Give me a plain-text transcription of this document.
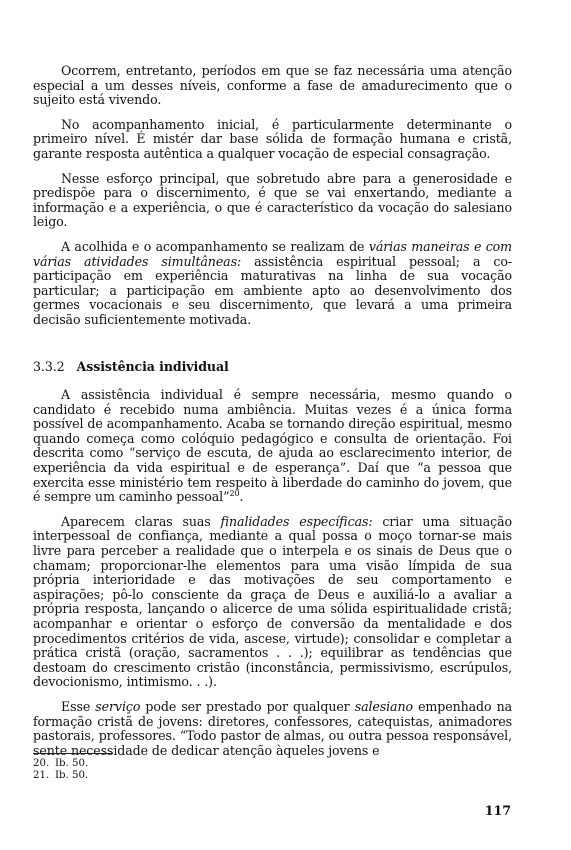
Ocorrem, entretanto, períodos em que se faz necessária uma atenção especial a um desses níveis, conforme a fase de amadurecimento que o sujeito está vivendo.

No acompanhamento inicial, é particularmente determinante o primeiro nível. É mistér dar base sólida de formação humana e cristã, garante resposta autêntica a qualquer vocação de especial consagração.

Nesse esforço principal, que sobretudo abre para a generosidade e predispõe para o discernimento, é que se vai enxertando, mediante a informação e a experiência, o que é característico da vocação do salesiano leigo.

A acolhida e o acompanhamento se realizam de várias maneiras e com várias atividades simultâneas: assistência espiritual pessoal; a co-participação em experiência maturativas na linha de sua vocação particular; a participação em ambiente apto ao desenvolvimento dos germes vocacionais e seu discernimento, que levará a uma primeira decisão suficientemente motivada.

3.3.2 Assistência individual

A assistência individual é sempre necessária, mesmo quando o candidato é recebido numa ambiência. Muitas vezes é a única forma possível de acompanhamento. Acaba se tornando direção espiritual, mesmo quando começa como colóquio pedagógico e consulta de orientação. Foi descrita como “serviço de escuta, de ajuda ao esclarecimento interior, de experiência da vida espiritual e de esperança”. Daí que “a pessoa que exercita esse ministério tem respeito à liberdade do caminho do jovem, que é sempre um caminho pessoal”$^{20}$.

Aparecem claras suas finalidades específicas: criar uma situação interpessoal de confiança, mediante a qual possa o moço tornar-se mais livre para perceber a realidade que o interpela e os sinais de Deus que o chamam; proporcionar-lhe elementos para uma visão límpida de sua própria interioridade e das motivações de seu comportamento e aspirações; pô-lo consciente da graça de Deus e auxiliá-lo a avaliar a própria resposta, lançando o alicerce de uma sólida espiritualidade cristã; acompanhar e orientar o esforço de conversão da mentalidade e dos procedimentos critérios de vida, ascese, virtude); consolidar e completar a prática cristã (oração, sacramentos . . .); equilibrar as tendências que destoam do crescimento cristão (inconstância, permissivismo, escrúpulos, devocionismo, intimismo. . .).

Esse serviço pode ser prestado por qualquer salesiano empenhado na formação cristã de jovens: diretores, confessores, catequistas, animadores pastorais, professores. “Todo pastor de almas, ou outra pessoa responsável, sente necessidade de dedicar atenção àqueles jovens e

20. Ib. 50.
21. Ib. 50.
117
